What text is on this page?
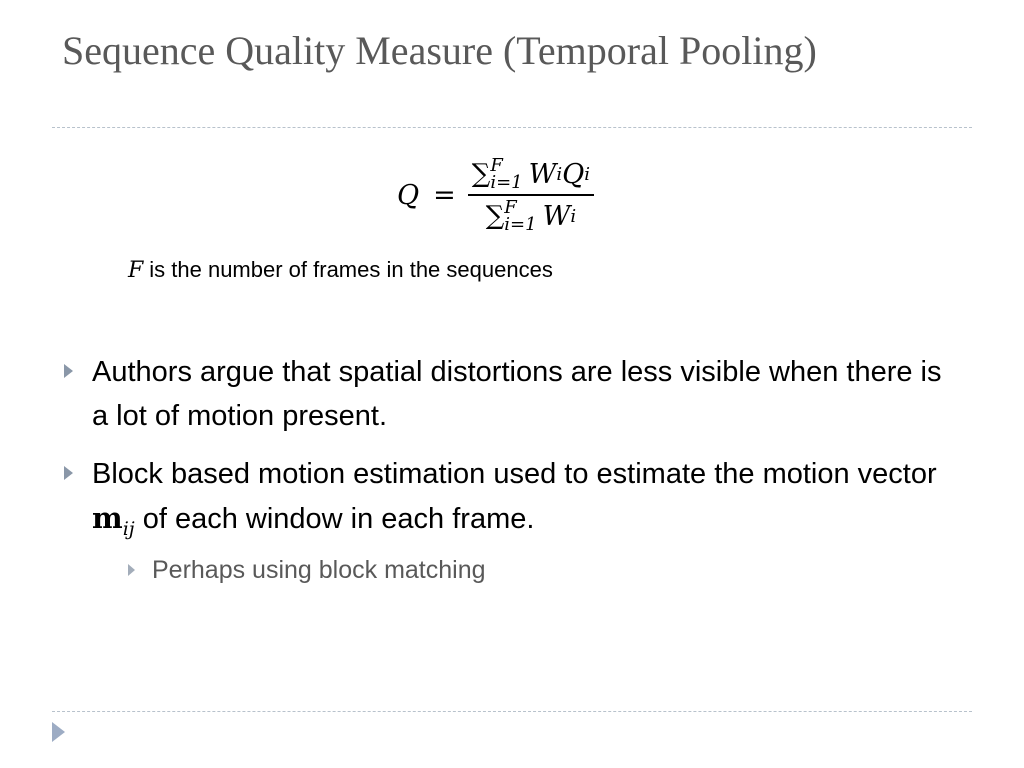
Sequence Quality Measure (Temporal Pooling)
Q = ∑ F
i=1 W i Q i
∑ F
i=1 W i
F is the number of frames in the sequences
Authors argue that spatial distortions are less visible when there is a lot of motion present.
Block based motion estimation used to estimate the motion vector $m_{ij}$ of each window in each frame.
Perhaps using block matching
